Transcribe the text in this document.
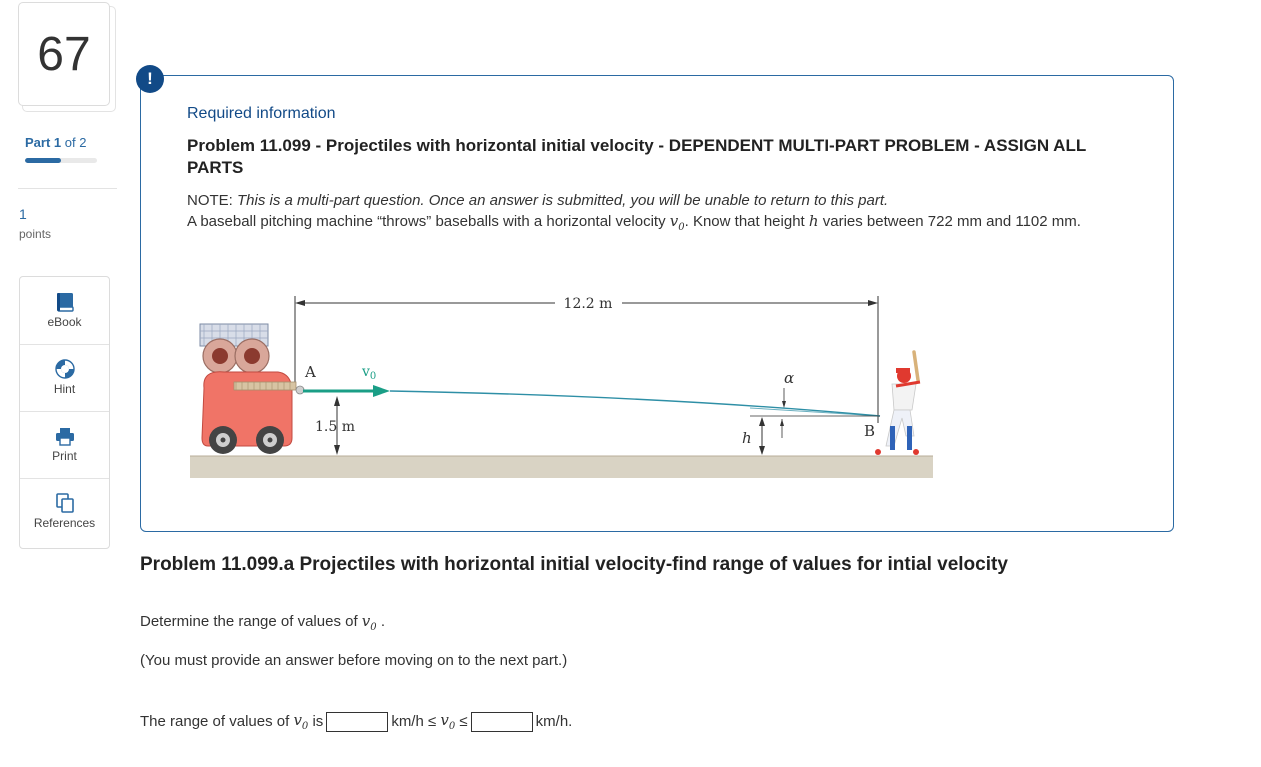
67
Part 1 of 2
1
points
eBook
Hint
Print
References
!
Required information
Problem 11.099 - Projectiles with horizontal initial velocity - DEPENDENT MULTI-PART PROBLEM - ASSIGN ALL PARTS
NOTE: This is a multi-part question. Once an answer is submitted, you will be unable to return to this part.
A baseball pitching machine “throws” baseballs with a horizontal velocity $v_0$. Know that height h varies between 722 mm and 1102 mm.
12.2 m
$v_0$
A
1.5 m
α
h	B
Problem 11.099.a Projectiles with horizontal initial velocity-find range of values for intial velocity
Determine the range of values of $v_0$ .
(You must provide an answer before moving on to the next part.)
The range of values of
$v_0$
is	km/h ≤
$v_0$
≤	km/h.
